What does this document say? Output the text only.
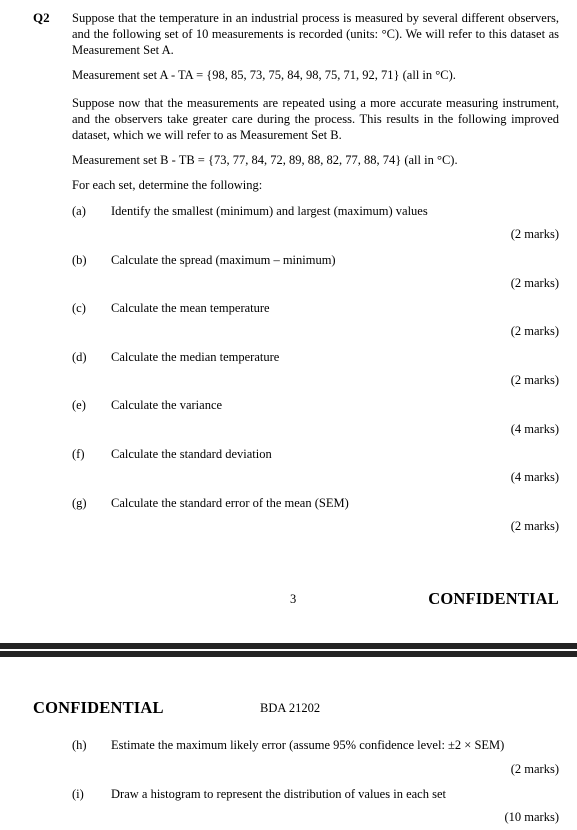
Q2 Suppose that the temperature in an industrial process is measured by several different observers, and the following set of 10 measurements is recorded (units: °C). We will refer to this dataset as Measurement Set A.
Measurement set A - TA = {98, 85, 73, 75, 84, 98, 75, 71, 92, 71} (all in °C).
Suppose now that the measurements are repeated using a more accurate measuring instrument, and the observers take greater care during the process. This results in the following improved dataset, which we will refer to as Measurement Set B.
Measurement set B - TB = {73, 77, 84, 72, 89, 88, 82, 77, 88, 74} (all in °C).
For each set, determine the following:
(a) Identify the smallest (minimum) and largest (maximum) values
(2 marks)
(b) Calculate the spread (maximum – minimum)
(2 marks)
(c) Calculate the mean temperature
(2 marks)
(d) Calculate the median temperature
(2 marks)
(e) Calculate the variance
(4 marks)
(f) Calculate the standard deviation
(4 marks)
(g) Calculate the standard error of the mean (SEM)
(2 marks)
3	CONFIDENTIAL
CONFIDENTIAL	BDA 21202
(h) Estimate the maximum likely error (assume 95% confidence level: ±2 × SEM)
(2 marks)
(i) Draw a histogram to represent the distribution of values in each set
(10 marks)
